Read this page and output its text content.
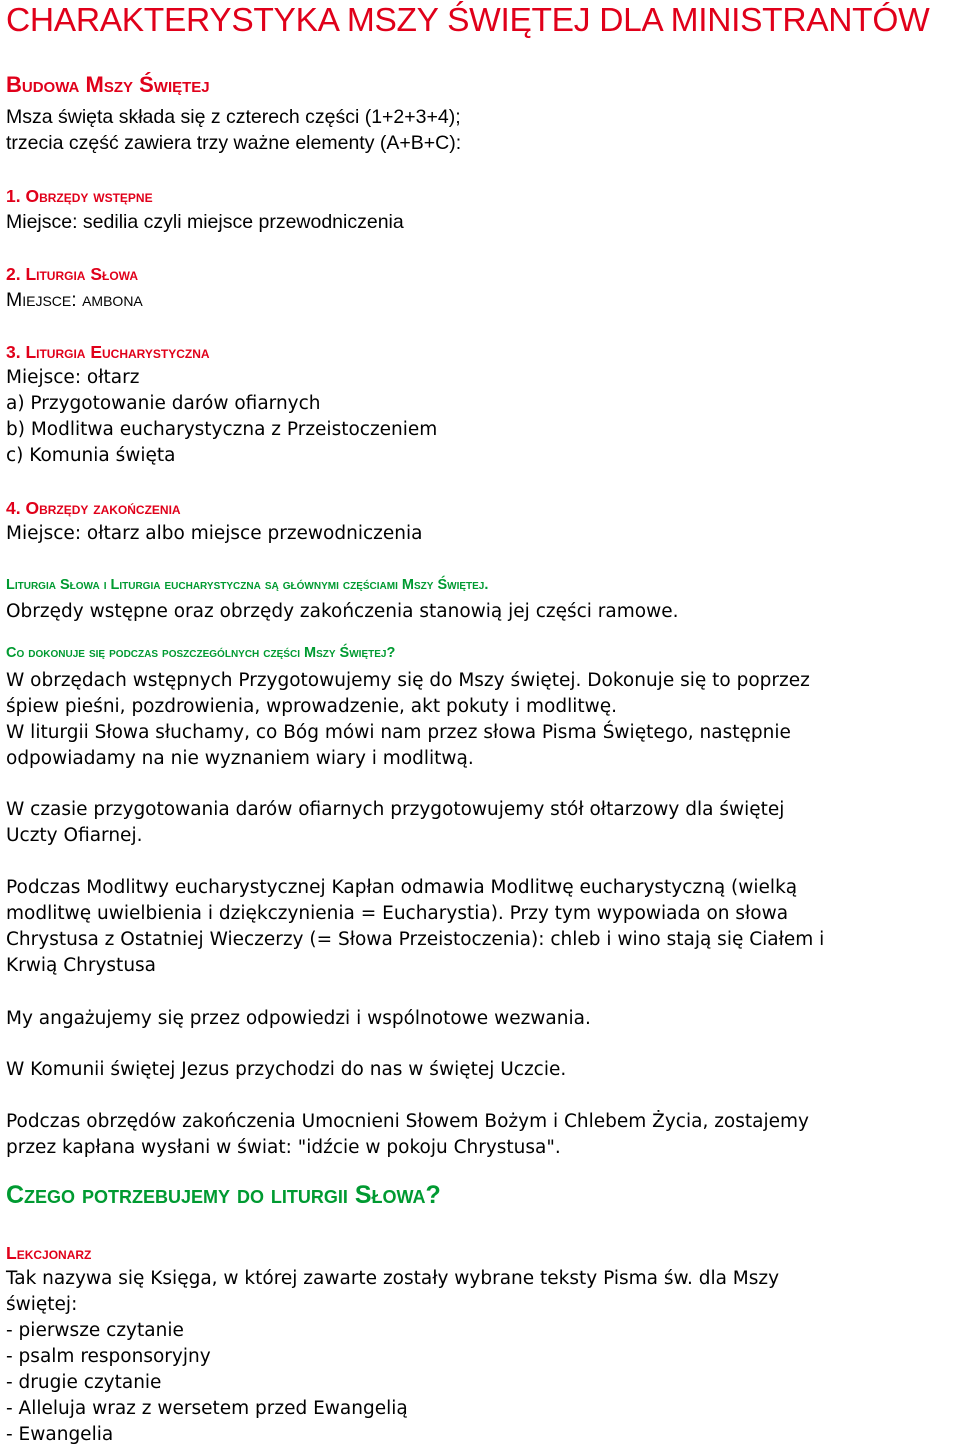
CHARAKTERYSTYKA MSZY ŚWIĘTEJ DLA MINISTRANTÓW
Budowa Mszy Świętej
Msza święta składa się z czterech części (1+2+3+4);
trzecia część zawiera trzy ważne elementy (A+B+C):
1. Obrzędy wstępne
Miejsce: sedilia czyli miejsce przewodniczenia
2. Liturgia Słowa
Miejsce: ambona
3. Liturgia Eucharystyczna
Miejsce: ołtarz
a) Przygotowanie darów ofiarnych
b) Modlitwa eucharystyczna z Przeistoczeniem
c) Komunia święta
4. Obrzędy zakończenia
Miejsce: ołtarz albo miejsce przewodniczenia
Liturgia Słowa i Liturgia eucharystyczna są głównymi częściami Mszy Świętej.
Obrzędy wstępne oraz obrzędy zakończenia stanowią jej części ramowe.
Co dokonuje się podczas poszczególnych części Mszy Świętej?
W obrzędach wstępnych Przygotowujemy się do Mszy świętej. Dokonuje się to poprzez
śpiew pieśni, pozdrowienia, wprowadzenie, akt pokuty i modlitwę.
W liturgii Słowa słuchamy, co Bóg mówi nam przez słowa Pisma Świętego, następnie
odpowiadamy na nie wyznaniem wiary i modlitwą.
W czasie przygotowania darów ofiarnych przygotowujemy stół ołtarzowy dla świętej
Uczty Ofiarnej.
Podczas Modlitwy eucharystycznej Kapłan odmawia Modlitwę eucharystyczną (wielką
modlitwę uwielbienia i dziękczynienia = Eucharystia). Przy tym wypowiada on słowa
Chrystusa z Ostatniej Wieczerzy (= Słowa Przeistoczenia): chleb i wino stają się Ciałem i
Krwią Chrystusa
My angażujemy się przez odpowiedzi i wspólnotowe wezwania.
W Komunii świętej Jezus przychodzi do nas w świętej Uczcie.
Podczas obrzędów zakończenia Umocnieni Słowem Bożym i Chlebem Życia, zostajemy
przez kapłana wysłani w świat: "idźcie w pokoju Chrystusa".
Czego potrzebujemy do liturgii Słowa?
Lekcjonarz
Tak nazywa się Księga, w której zawarte zostały wybrane teksty Pisma św. dla Mszy
świętej:
- pierwsze czytanie
- psalm responsoryjny
- drugie czytanie
- Alleluja wraz z wersetem przed Ewangelią
- Ewangelia
